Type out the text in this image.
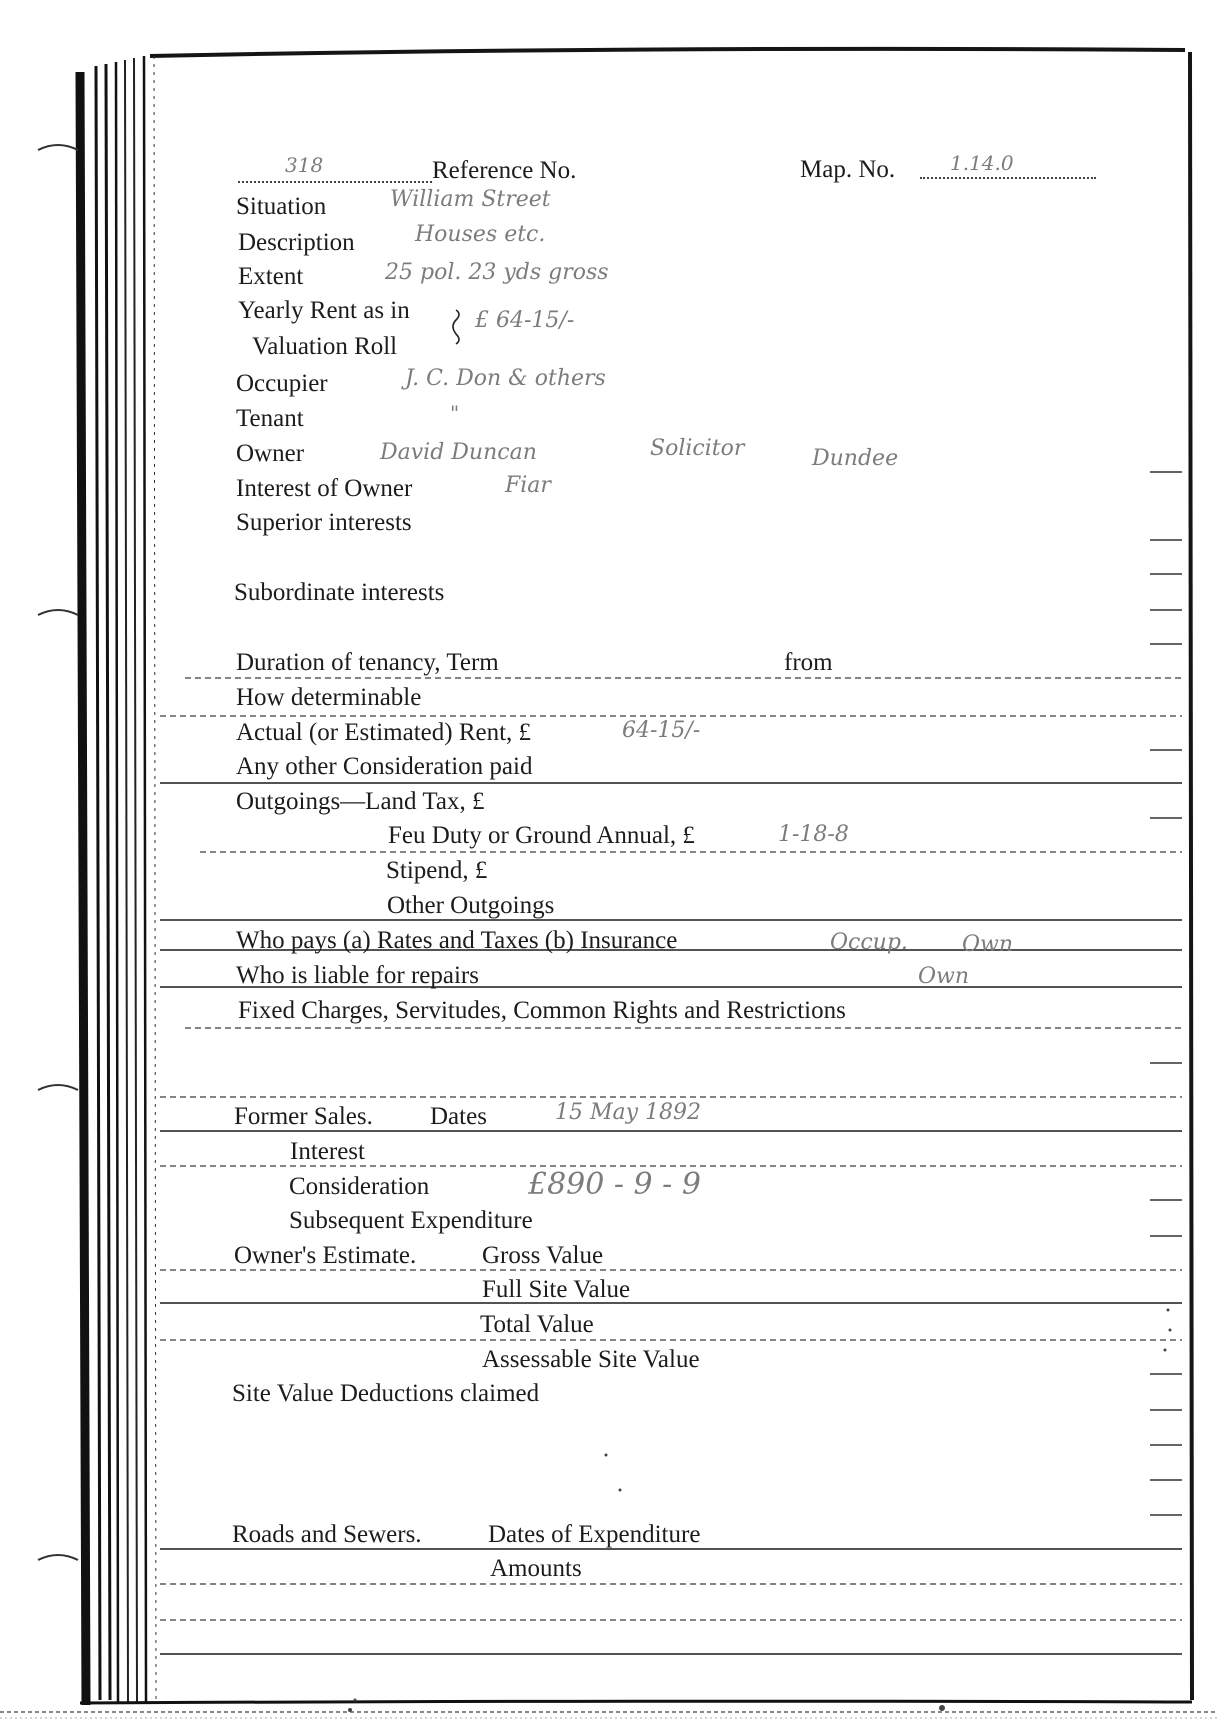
318	Reference No.	Map. No.	1.14.0
Situation	William Street
Description	Houses etc.
Extent	25 pol. 23 yds gross
Yearly Rent as in
Valuation Roll
£ 64-15/-
Occupier	J. C. Don & others
Tenant	"
Owner	David Duncan	Solicitor	Dundee
Interest of Owner	Fiar
Superior interests
Subordinate interests
Duration of tenancy, Term	from
How determinable
Actual (or Estimated) Rent, £	64-15/-
Any other Consideration paid
Outgoings—Land Tax, £
Feu Duty or Ground Annual, £	1-18-8
Stipend, £
Other Outgoings
Who pays (a) Rates and Taxes (b) Insurance	Occup. Own
Who is liable for repairs	Own
Fixed Charges, Servitudes, Common Rights and Restrictions
Former Sales. Dates	15 May 1892
Interest
Consideration	£890 - 9 - 9
Subsequent Expenditure
Owner's Estimate.	Gross Value
Full Site Value
Total Value
Assessable Site Value
Site Value Deductions claimed
Roads and Sewers.	Dates of Expenditure
Amounts
